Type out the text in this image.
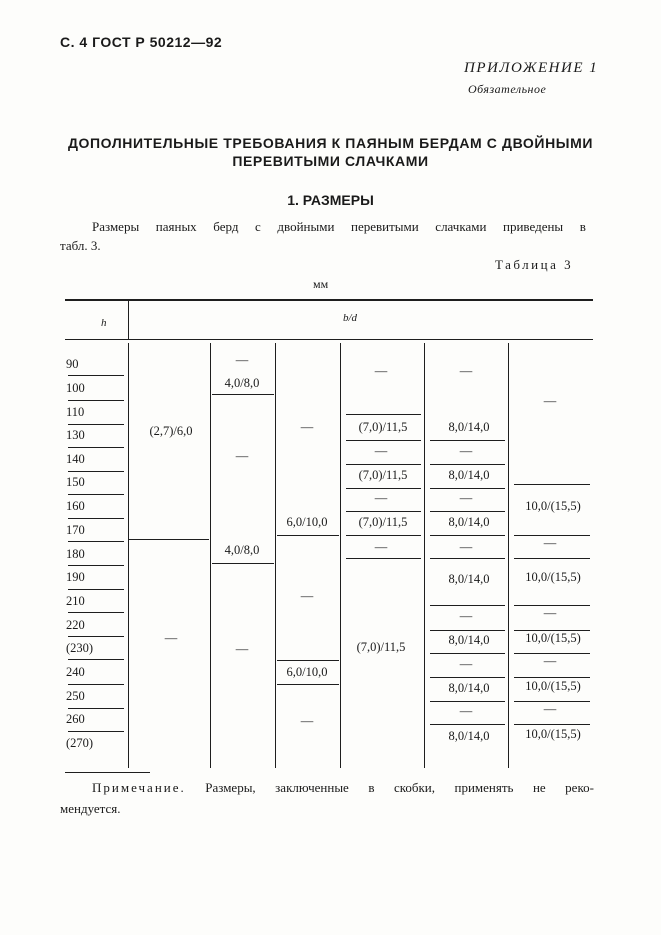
С. 4 ГОСТ Р 50212—92
ПРИЛОЖЕНИЕ 1
Обязательное
ДОПОЛНИТЕЛЬНЫЕ ТРЕБОВАНИЯ К ПАЯНЫМ БЕРДАМ С ДВОЙНЫМИ
ПЕРЕВИТЫМИ СЛАЧКАМИ
1. РАЗМЕРЫ
Размеры паяных берд с двойными перевитыми слачками приведены в
табл. 3.
Таблица 3
мм
h	b/d
90
100
110
130
140
150
160
170
180
190
210
220
(230)
240
250
260
(270)
(2,7)/6,0
—
—
4,0/8,0
—
4,0/8,0
—
—
6,0/10,0
—
6,0/10,0
—
—
(7,0)/11,5
—
(7,0)/11,5
—
(7,0)/11,5
—
(7,0)/11,5
—
8,0/14,0
—
8,0/14,0
—
8,0/14,0
—
8,0/14,0
—
8,0/14,0
—
8,0/14,0
—
8,0/14,0
—
10,0/(15,5)
—
10,0/(15,5)
—
10,0/(15,5)
—
10,0/(15,5)
—
10,0/(15,5)
Примечание. Размеры, заключенные в скобки, применять не реко-
мендуется.
